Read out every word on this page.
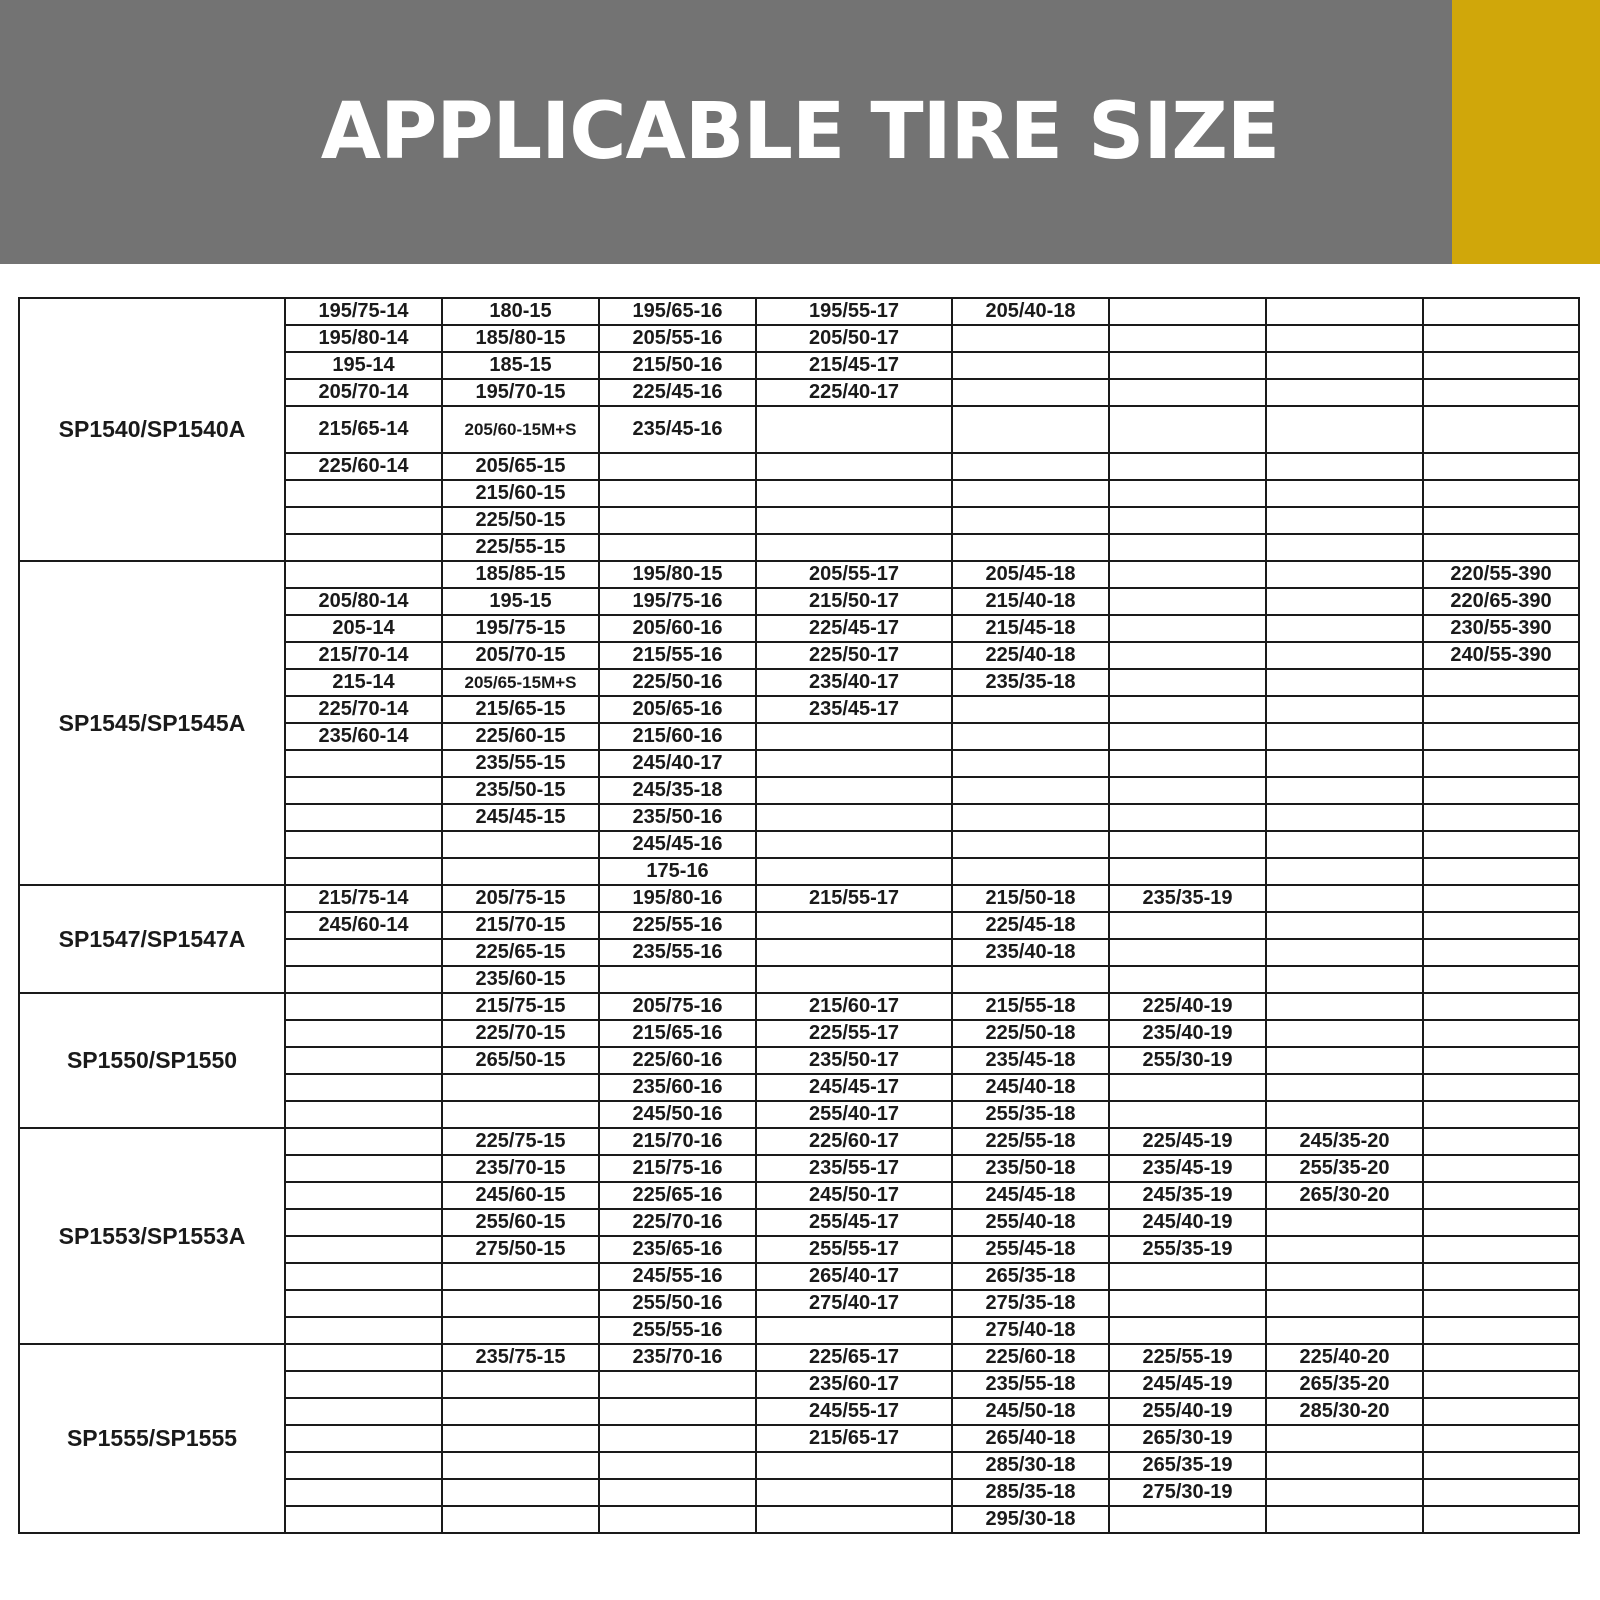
APPLICABLE TIRE SIZE
SP1540/SP1540A	195/75-14	180-15	195/65-16	195/55-17	205/40-18			
	195/80-14	185/80-15	205/55-16	205/50-17				
	195-14	185-15	215/50-16	215/45-17				
	205/70-14	195/70-15	225/45-16	225/40-17				
	215/65-14	205/60-15M+S	235/45-16					
	225/60-14	205/65-15						
		215/60-15						
		225/50-15						
		225/55-15						
SP1545/SP1545A		185/85-15	195/80-15	205/55-17	205/45-18			220/55-390
	205/80-14	195-15	195/75-16	215/50-17	215/40-18			220/65-390
	205-14	195/75-15	205/60-16	225/45-17	215/45-18			230/55-390
	215/70-14	205/70-15	215/55-16	225/50-17	225/40-18			240/55-390
	215-14	205/65-15M+S	225/50-16	235/40-17	235/35-18			
	225/70-14	215/65-15	205/65-16	235/45-17				
	235/60-14	225/60-15	215/60-16					
		235/55-15	245/40-17					
		235/50-15	245/35-18					
		245/45-15	235/50-16					
			245/45-16					
			175-16					
SP1547/SP1547A	215/75-14	205/75-15	195/80-16	215/55-17	215/50-18	235/35-19		
	245/60-14	215/70-15	225/55-16		225/45-18			
		225/65-15	235/55-16		235/40-18			
		235/60-15						
SP1550/SP1550		215/75-15	205/75-16	215/60-17	215/55-18	225/40-19		
		225/70-15	215/65-16	225/55-17	225/50-18	235/40-19		
		265/50-15	225/60-16	235/50-17	235/45-18	255/30-19		
			235/60-16	245/45-17	245/40-18			
			245/50-16	255/40-17	255/35-18			
SP1553/SP1553A		225/75-15	215/70-16	225/60-17	225/55-18	225/45-19	245/35-20	
		235/70-15	215/75-16	235/55-17	235/50-18	235/45-19	255/35-20	
		245/60-15	225/65-16	245/50-17	245/45-18	245/35-19	265/30-20	
		255/60-15	225/70-16	255/45-17	255/40-18	245/40-19		
		275/50-15	235/65-16	255/55-17	255/45-18	255/35-19		
			245/55-16	265/40-17	265/35-18			
			255/50-16	275/40-17	275/35-18			
			255/55-16		275/40-18			
SP1555/SP1555		235/75-15	235/70-16	225/65-17	225/60-18	225/55-19	225/40-20	
				235/60-17	235/55-18	245/45-19	265/35-20	
				245/55-17	245/50-18	255/40-19	285/30-20	
				215/65-17	265/40-18	265/30-19		
					285/30-18	265/35-19		
					285/35-18	275/30-19		
					295/30-18			
